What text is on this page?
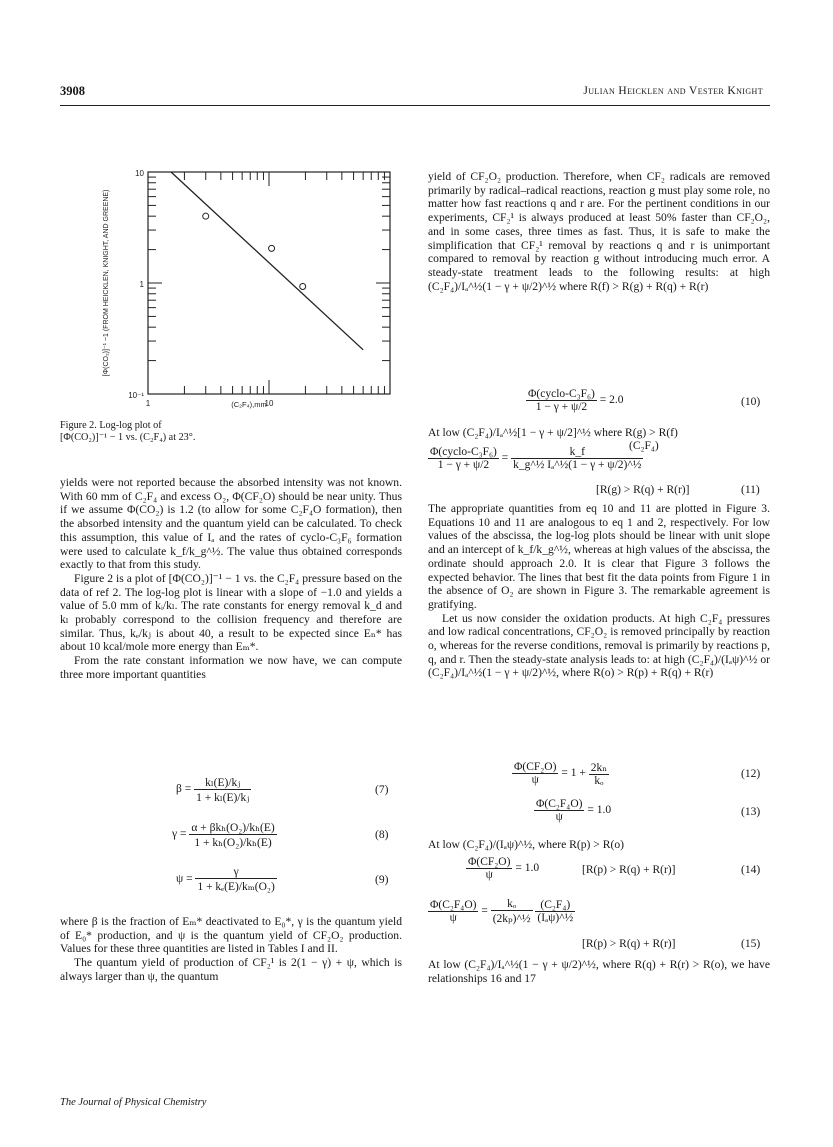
3908	Julian Heicklen and Vester Knight
10
1
10⁻¹
1	10
(C₂F₄),mm
[Φ(CO₂)]⁻¹ −1 (FROM HEICKLEN, KNIGHT, AND GREENE)
Figure 2. Log-log plot of
[Φ(CO₂)]⁻¹ − 1 vs. (C₂F₄) at 23°.

yields were not reported because the absorbed intensity was not known. With 60 mm of C₂F₄ and excess O₂, Φ(CF₂O) should be near unity. Thus if we assume Φ(CO₂) is 1.2 (to allow for some C₂F₄O formation), then the absorbed intensity and the quantum yield can be calculated. To check this assumption, this value of Iₐ and the rates of cyclo-C₃F₆ formation were used to calculate k_f/k_g^½. The value thus obtained corresponds exactly to that from this study.

Figure 2 is a plot of [Φ(CO₂)]⁻¹ − 1 vs. the C₂F₄ pressure based on the data of ref 2. The log-log plot is linear with a slope of −1.0 and yields a value of 5.0 mm of kᵢ/kₗ. The rate constants for energy removal k_d and kₗ probably correspond to the collision frequency and therefore are similar. Thus, kₑ/kⱼ is about 40, a result to be expected since Eₙ* has about 10 kcal/mole more energy than Eₘ*.

From the rate constant information we now have, we can compute three more important quantities

$\beta = \frac{\text{kₗ(E)/kⱼ}}{\text{1 + kₗ(E)/kⱼ}}$	(7)
$\gamma = \frac{\text{α + βkₕ(O₂)/kₕ(E)}}{\text{1 + kₕ(O₂)/kₕ(E)}}$	(8)
$\psi = \frac{\gamma}{\text{1 + kₑ(E)/kₘ(O₂)}}$	(9)

where β is the fraction of Eₘ* deactivated to E₀*, γ is the quantum yield of E₀* production, and ψ is the quantum yield of CF₂O₂ production. Values for these three quantities are listed in Tables I and II.

The quantum yield of production of CF₂¹ is 2(1 − γ) + ψ, which is always larger than ψ, the quantum

yield of CF₂O₂ production. Therefore, when CF₂ radicals are removed primarily by radical–radical reactions, reaction g must play some role, no matter how fast reactions q and r are. For the pertinent conditions in our experiments, CF₂¹ is always produced at least 50% faster than CF₂O₂, and in some cases, three times as fast. Thus, it is safe to make the simplification that CF₂¹ removal by reactions q and r is unimportant compared to removal by reaction g without introducing much error. A steady-state treatment leads to the following results: at high (C₂F₄)/Iₐ^½(1 − γ + ψ/2)^½ where R(f) > R(g) + R(q) + R(r)

$\frac{\text{Φ(cyclo-C₃F₆)}}{1 - \gamma + \psi/2} = 2.0$	(10)
At low (C₂F₄)/Iₐ^½[1 − γ + ψ/2]^½ where R(g) > R(f)
$\frac{\text{Φ(cyclo-C₃F₆)}}{1 - \gamma + \psi/2} = \frac{k\_f}{\text{k\_g\textasciicircum{}½ Iₐ\textasciicircum{}½(1 − γ + ψ/2)\textasciicircum{}½}}$
(C₂F₄)
[R(g) > R(q) + R(r)]	(11)

The appropriate quantities from eq 10 and 11 are plotted in Figure 3. Equations 10 and 11 are analogous to eq 1 and 2, respectively. For low values of the abscissa, the log-log plots should be linear with unit slope and an intercept of k_f/k_g^½, whereas at high values of the abscissa, the ordinate should approach 2.0. It is clear that Figure 3 follows the expected behavior. The lines that best fit the data points from Figure 1 in the absence of O₂ are shown in Figure 3. The remarkable agreement is gratifying.

Let us now consider the oxidation products. At high C₂F₄ pressures and low radical concentrations, CF₂O₂ is removed principally by reaction o, whereas for the reverse conditions, removal is primarily by reactions p, q, and r. Then the steady-state analysis leads to: at high (C₂F₄)/(Iₐψ)^½ or (C₂F₄)/Iₐ^½(1 − γ + ψ/2)^½, where R(o) > R(p) + R(q) + R(r)

$\frac{\text{Φ(CF₂O)}}{\psi} = 1 + \frac{\text{2kₙ}}{\text{kₒ}}$	(12)
$\frac{\text{Φ(C₂F₄O)}}{\psi} = 1.0$	(13)
At low (C₂F₄)/(Iₐψ)^½, where R(p) > R(o)
$\frac{\text{Φ(CF₂O)}}{\psi} = 1.0$	[R(p) > R(q) + R(r)]	(14)
$\frac{\text{Φ(C₂F₄O)}}{\psi} = \frac{\text{kₒ}}{\text{(2kₚ)\textasciicircum{}½}}$
$\frac{\text{(C₂F₄)}}{\text{(Iₐψ)\textasciicircum{}½}}$
[R(p) > R(q) + R(r)]	(15)

At low (C₂F₄)/Iₐ^½(1 − γ + ψ/2)^½, where R(q) + R(r) > R(o), we have relationships 16 and 17

The Journal of Physical Chemistry
